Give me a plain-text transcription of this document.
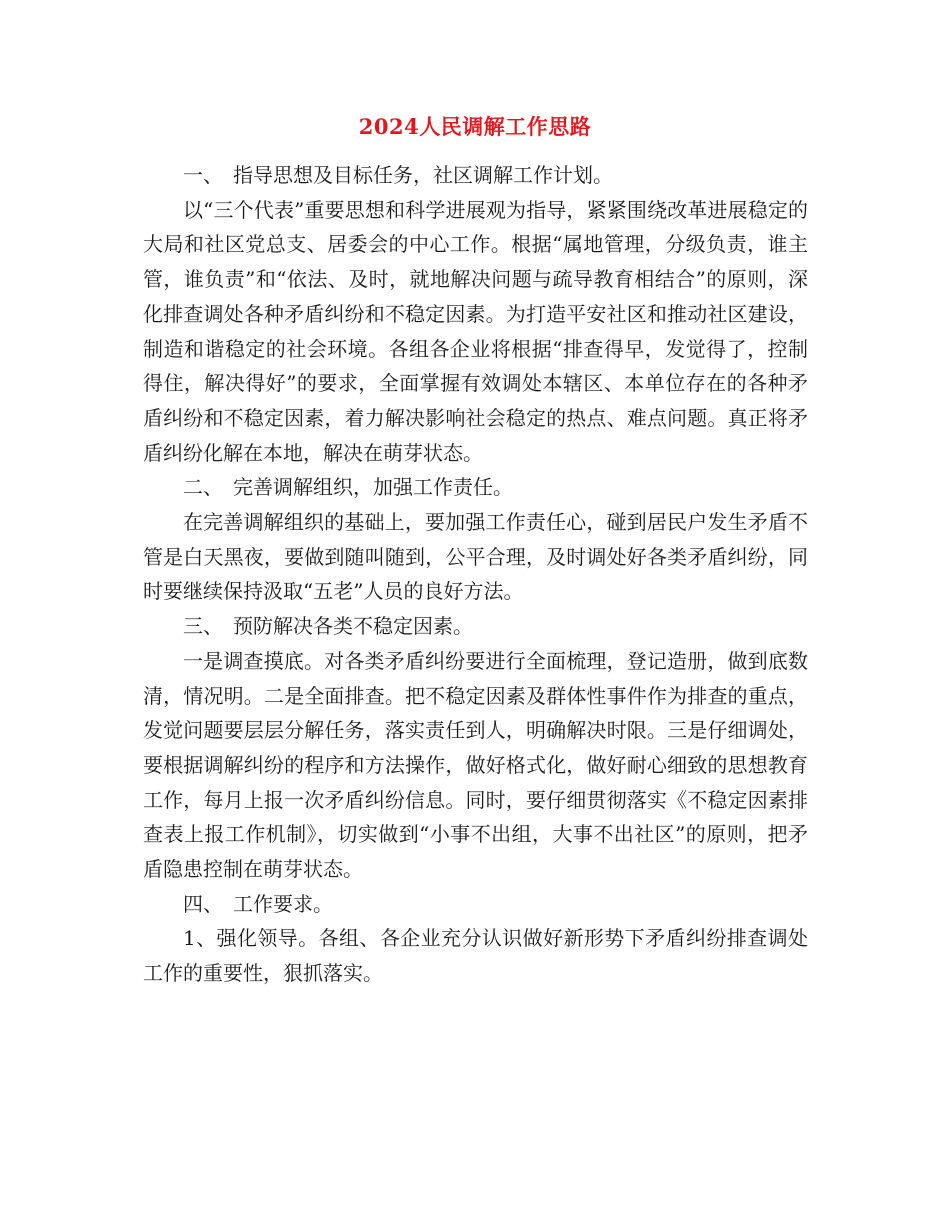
2024人民调解工作思路

一、　指导思想及目标任务，社区调解工作计划。

以“三个代表”重要思想和科学进展观为指导，紧紧围绕改革进展稳定的大局和社区党总支、居委会的中心工作。根据“属地管理，分级负责，谁主管，谁负责”和“依法、及时，就地解决问题与疏导教育相结合”的原则，深化排查调处各种矛盾纠纷和不稳定因素。为打造平安社区和推动社区建设，制造和谐稳定的社会环境。各组各企业将根据“排查得早，发觉得了，控制得住，解决得好”的要求，全面掌握有效调处本辖区、本单位存在的各种矛盾纠纷和不稳定因素，着力解决影响社会稳定的热点、难点问题。真正将矛盾纠纷化解在本地，解决在萌芽状态。

二、　完善调解组织，加强工作责任。

在完善调解组织的基础上，要加强工作责任心，碰到居民户发生矛盾不管是白天黑夜，要做到随叫随到，公平合理，及时调处好各类矛盾纠纷，同时要继续保持汲取“五老”人员的良好方法。

三、　预防解决各类不稳定因素。

一是调查摸底。对各类矛盾纠纷要进行全面梳理，登记造册，做到底数清，情况明。二是全面排查。把不稳定因素及群体性事件作为排查的重点，发觉问题要层层分解任务，落实责任到人，明确解决时限。三是仔细调处，要根据调解纠纷的程序和方法操作，做好格式化，做好耐心细致的思想教育工作，每月上报一次矛盾纠纷信息。同时，要仔细贯彻落实《不稳定因素排查表上报工作机制》，切实做到“小事不出组，大事不出社区”的原则，把矛盾隐患控制在萌芽状态。

四、　工作要求。

1、强化领导。各组、各企业充分认识做好新形势下矛盾纠纷排查调处工作的重要性，狠抓落实。
